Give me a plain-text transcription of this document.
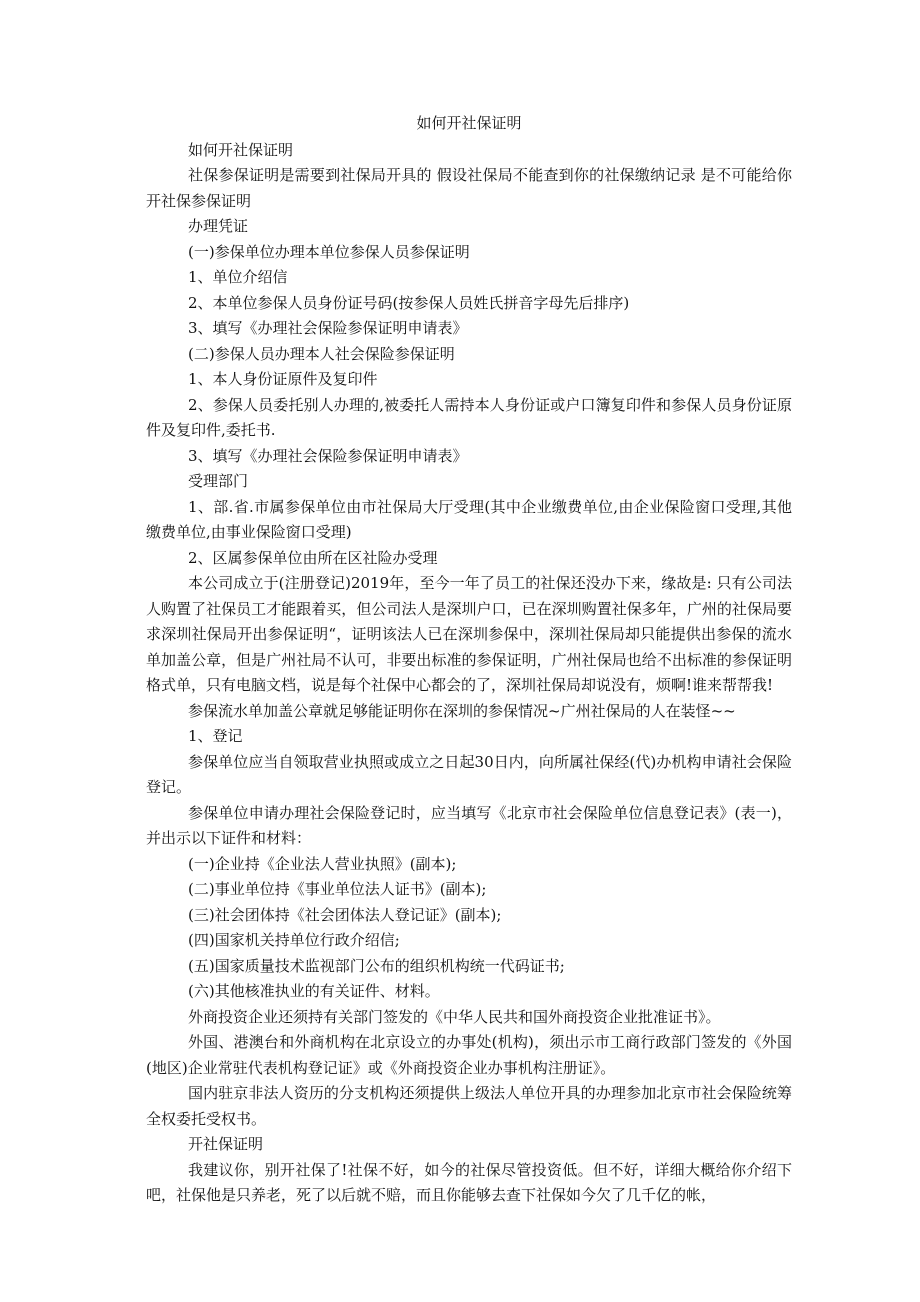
如何开社保证明

如何开社保证明

社保参保证明是需要到社保局开具的 假设社保局不能查到你的社保缴纳记录 是不可能给你开社保参保证明

办理凭证

(一)参保单位办理本单位参保人员参保证明

1、单位介绍信

2、本单位参保人员身份证号码(按参保人员姓氏拼音字母先后排序)

3、填写《办理社会保险参保证明申请表》

(二)参保人员办理本人社会保险参保证明

1、本人身份证原件及复印件

2、参保人员委托别人办理的,被委托人需持本人身份证或户口簿复印件和参保人员身份证原件及复印件,委托书.

3、填写《办理社会保险参保证明申请表》

受理部门

1、部.省.市属参保单位由市社保局大厅受理(其中企业缴费单位,由企业保险窗口受理,其他缴费单位,由事业保险窗口受理)

2、区属参保单位由所在区社险办受理

本公司成立于(注册登记)2019年，至今一年了员工的社保还没办下来，缘故是: 只有公司法人购置了社保员工才能跟着买，但公司法人是深圳户口，已在深圳购置社保多年，广州的社保局要求深圳社保局开出参保证明“，证明该法人已在深圳参保中，深圳社保局却只能提供出参保的流水单加盖公章，但是广州社局不认可，非要出标准的参保证明，广州社保局也给不出标准的参保证明格式单，只有电脑文档，说是每个社保中心都会的了，深圳社保局却说没有，烦啊!谁来帮帮我!

参保流水单加盖公章就足够能证明你在深圳的参保情况~广州社保局的人在装怪~~

1、登记

参保单位应当自领取营业执照或成立之日起30日内，向所属社保经(代)办机构申请社会保险登记。

参保单位申请办理社会保险登记时，应当填写《北京市社会保险单位信息登记表》(表一)，并出示以下证件和材料：

(一)企业持《企业法人营业执照》(副本);

(二)事业单位持《事业单位法人证书》(副本);

(三)社会团体持《社会团体法人登记证》(副本);

(四)国家机关持单位行政介绍信;

(五)国家质量技术监视部门公布的组织机构统一代码证书;

(六)其他核准执业的有关证件、材料。

外商投资企业还须持有关部门签发的《中华人民共和国外商投资企业批准证书》。

外国、港澳台和外商机构在北京设立的办事处(机构)，须出示市工商行政部门签发的《外国(地区)企业常驻代表机构登记证》或《外商投资企业办事机构注册证》。

国内驻京非法人资历的分支机构还须提供上级法人单位开具的办理参加北京市社会保险统筹全权委托受权书。

开社保证明

我建议你，别开社保了!社保不好，如今的社保尽管投资低。但不好，详细大概给你介绍下吧，社保他是只养老，死了以后就不赔，而且你能够去查下社保如今欠了几千亿的帐，
